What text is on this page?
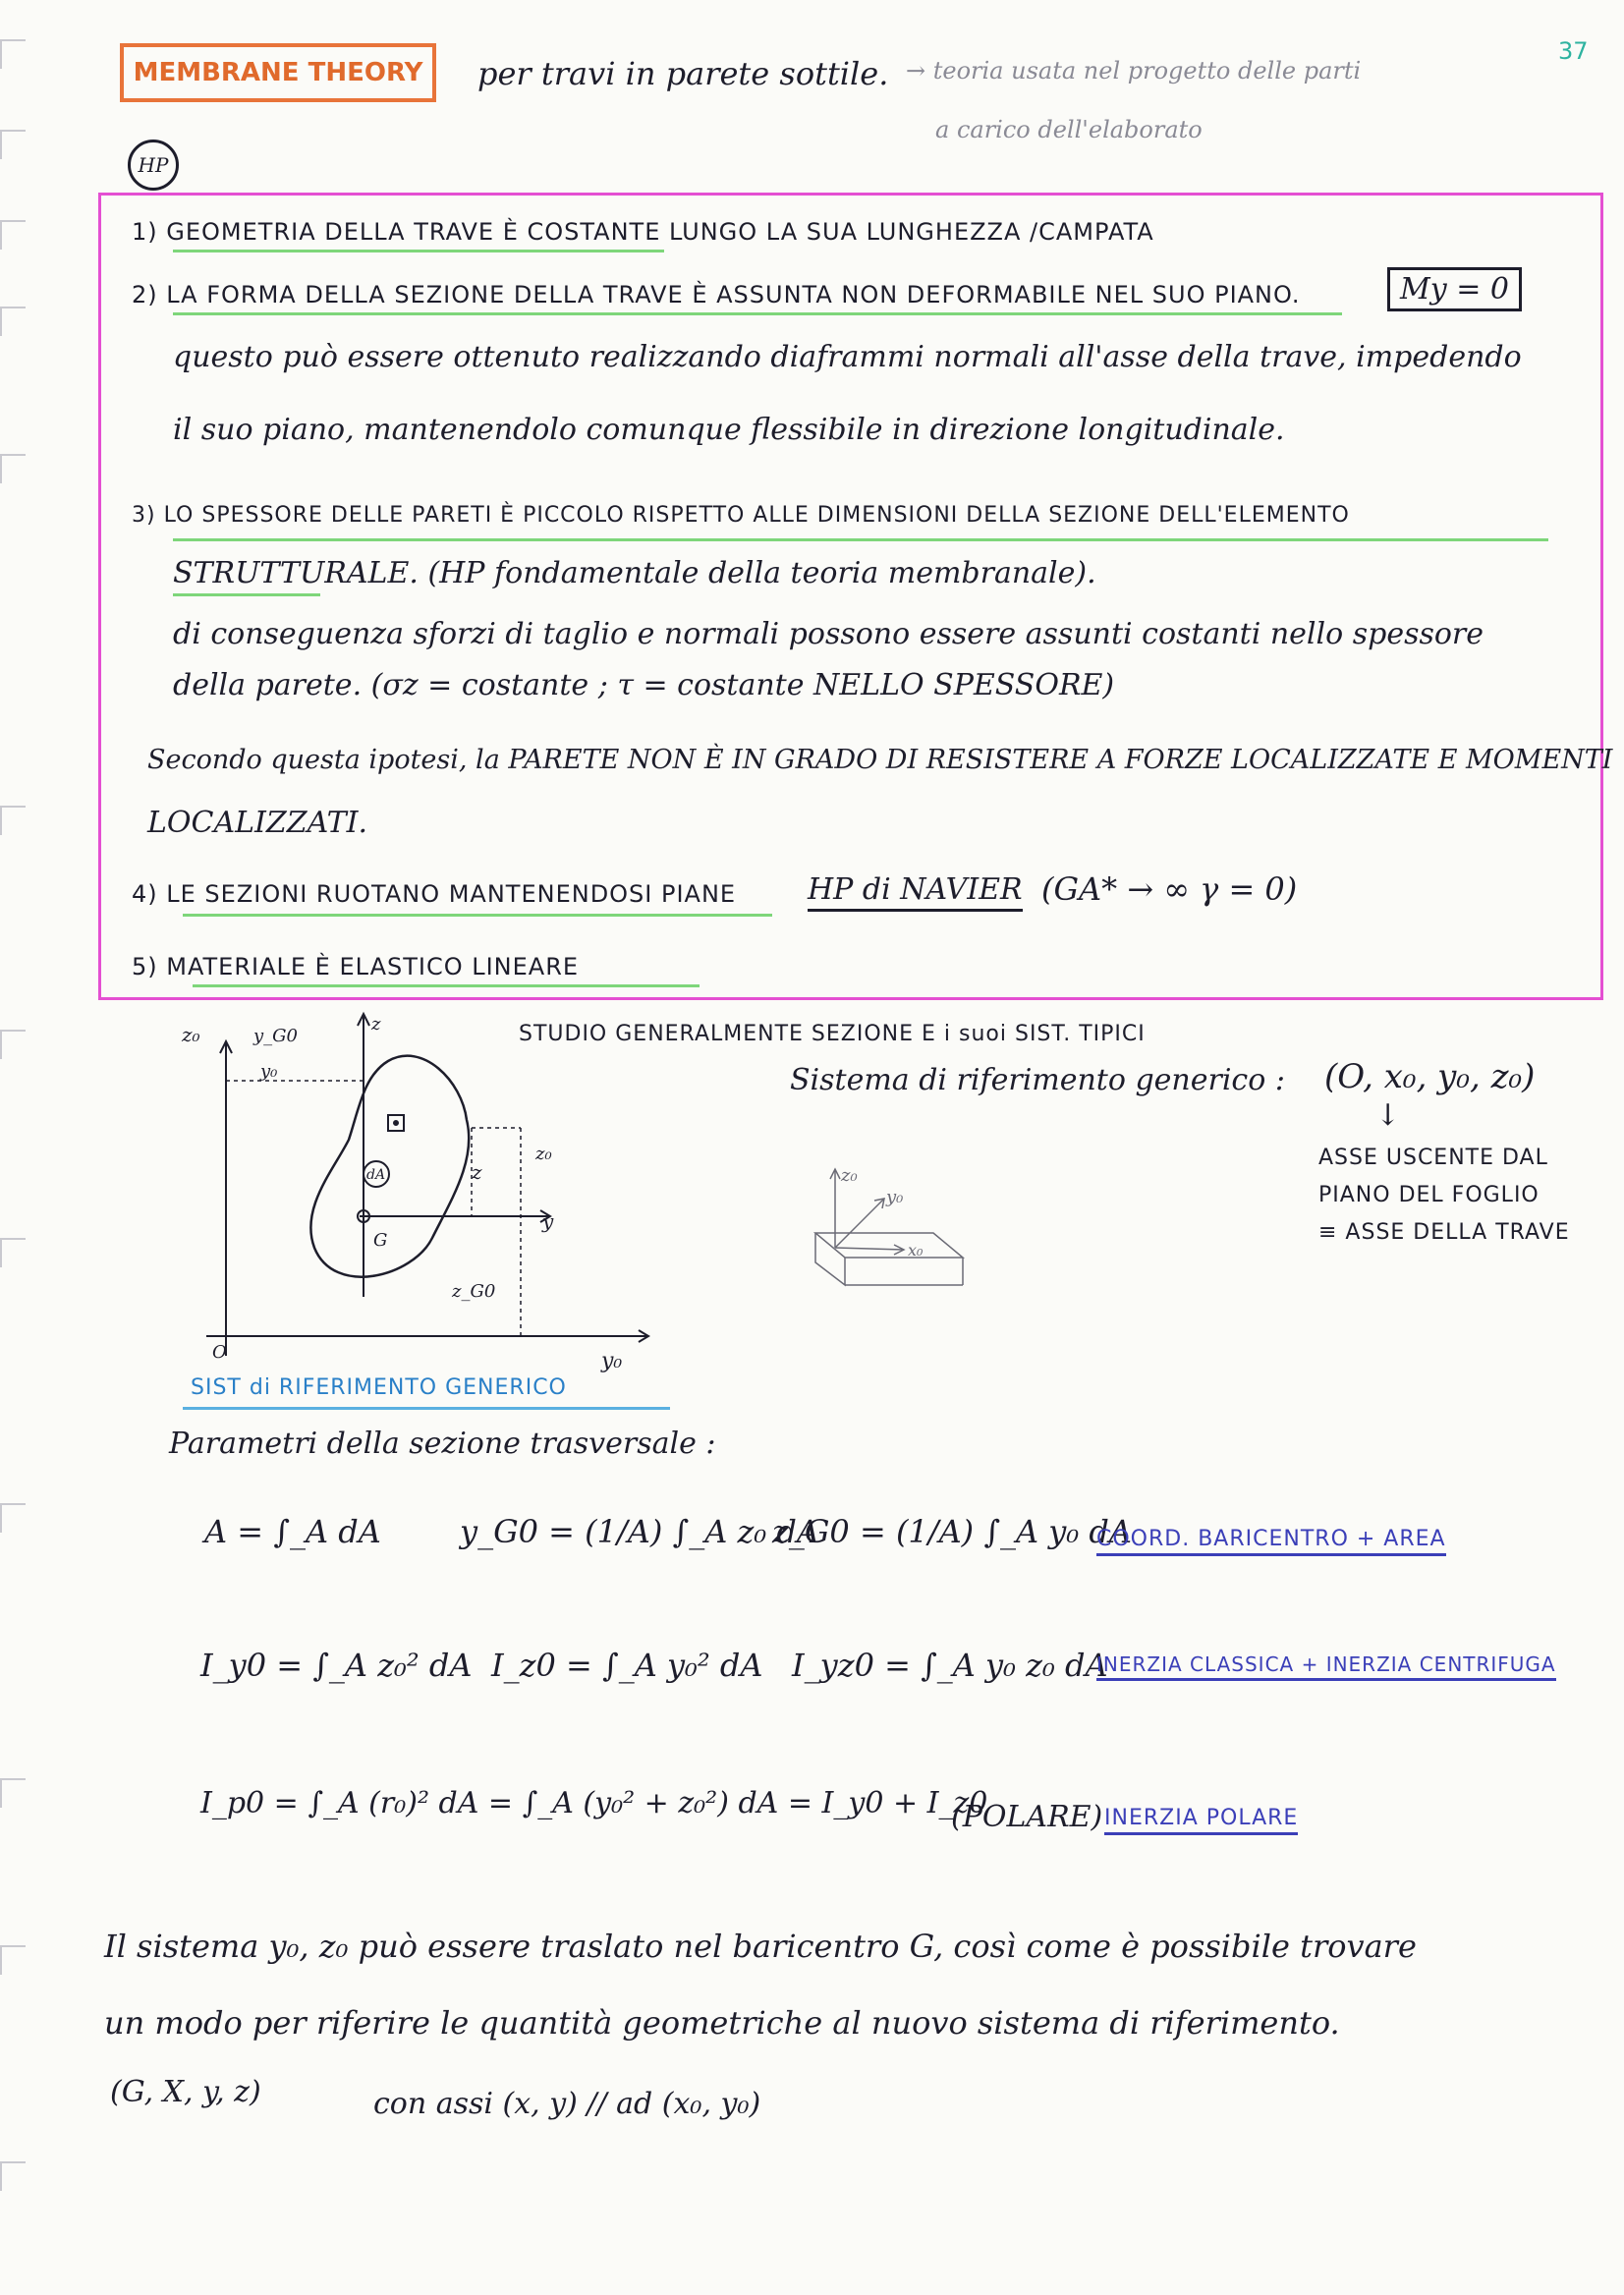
37
MEMBRANE THEORY per travi in parete sottile. → teoria usata nel progetto delle parti
a carico dell'elaborato
HP
1) GEOMETRIA DELLA TRAVE È COSTANTE LUNGO LA SUA LUNGHEZZA /CAMPATA
2) LA FORMA DELLA SEZIONE DELLA TRAVE È ASSUNTA NON DEFORMABILE NEL SUO PIANO.	My = 0
questo può essere ottenuto realizzando diaframmi normali all'asse della trave, impedendo
il suo piano, mantenendolo comunque flessibile in direzione longitudinale.
3) LO SPESSORE DELLE PARETI È PICCOLO RISPETTO ALLE DIMENSIONI DELLA SEZIONE DELL'ELEMENTO
STRUTTURALE. (HP fondamentale della teoria membranale).
di conseguenza sforzi di taglio e normali possono essere assunti costanti nello spessore
della parete. (σz = costante ; τ = costante NELLO SPESSORE)
Secondo questa ipotesi, la PARETE NON È IN GRADO DI RESISTERE A FORZE LOCALIZZATE E MOMENTI
LOCALIZZATI.
4) LE SEZIONI RUOTANO MANTENENDOSI PIANE HP di NAVIER (GA* → ∞ γ = 0)
5) MATERIALE È ELASTICO LINEARE
z₀	y_G0
y₀
z
z
z₀
y
z_G0
dA
G
O	y₀
STUDIO GENERALMENTE SEZIONE E i suoi SIST. TIPICI
Sistema di riferimento generico : (O, x₀, y₀, z₀)
↓
ASSE USCENTE DAL
PIANO DEL FOGLIO
≡ ASSE DELLA TRAVE
z₀
y₀
x₀
SIST di RIFERIMENTO GENERICO
Parametri della sezione trasversale :
A = ∫_A dA	y_G0 = (1/A) ∫_A z₀ dA
z_G0 = (1/A) ∫_A y₀ dA
COORD. BARICENTRO + AREA
I_y0 = ∫_A z₀² dA I_z0 = ∫_A y₀² dA I_yz0 = ∫_A y₀ z₀ dA
INERZIA CLASSICA + INERZIA CENTRIFUGA
I_p0 = ∫_A (r₀)² dA = ∫_A (y₀² + z₀²) dA = I_y0 + I_z0
(POLARE) INERZIA POLARE
Il sistema y₀, z₀ può essere traslato nel baricentro G, così come è possibile trovare
un modo per riferire le quantità geometriche al nuovo sistema di riferimento.
(G, X, y, z)	con assi (x, y) // ad (x₀, y₀)
